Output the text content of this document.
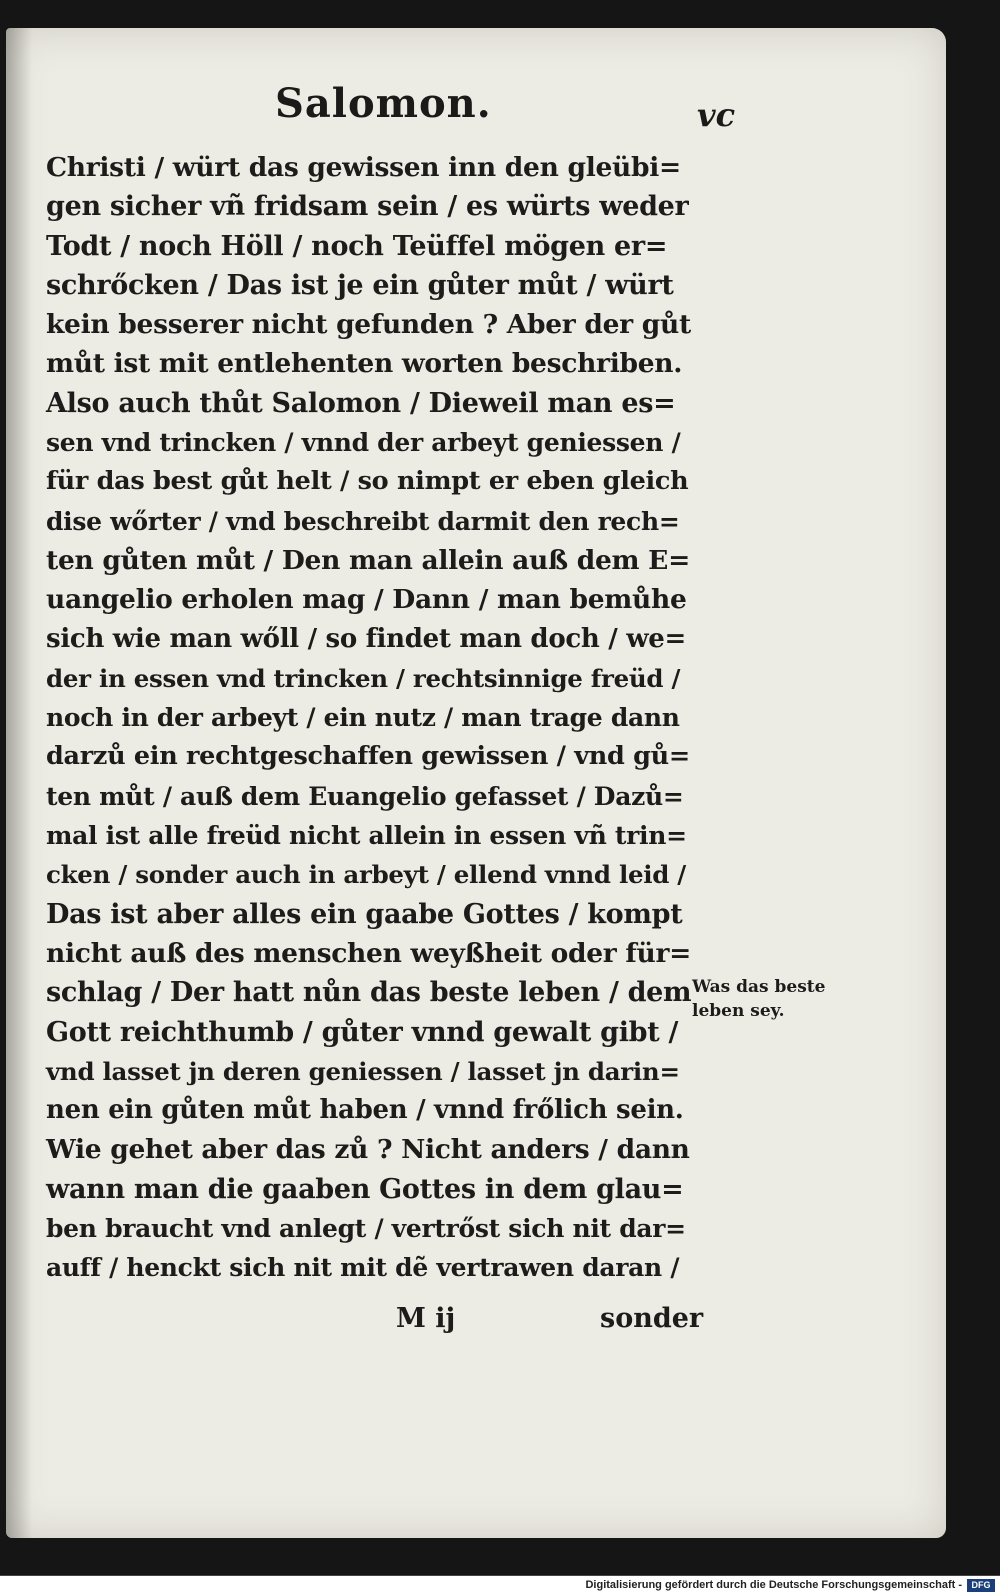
Salomon.	vc
Christi / würt das gewissen inn den gleübi=
gen sicher vñ fridsam sein / es würts weder
Todt / noch Höll / noch Teüffel mögen er=
schrőcken / Das ist je ein gůter můt / würt
kein besserer nicht gefunden ? Aber der gůt
můt ist mit entlehenten worten beschriben.
Also auch thůt Salomon / Dieweil man es=
sen vnd trincken / vnnd der arbeyt geniessen /
für das best gůt helt / so nimpt er eben gleich
dise wőrter / vnd beschreibt darmit den rech=
ten gůten můt / Den man allein auß dem E=
uangelio erholen mag / Dann / man bemůhe
sich wie man wőll / so findet man doch / we=
der in essen vnd trincken / rechtsinnige freüd /
noch in der arbeyt / ein nutz / man trage dann
darzů ein rechtgeschaffen gewissen / vnd gů=
ten můt / auß dem Euangelio gefasset / Dazů=
mal ist alle freüd nicht allein in essen vñ trin=
cken / sonder auch in arbeyt / ellend vnnd leid /
Das ist aber alles ein gaabe Gottes / kompt
nicht auß des menschen weyßheit oder für=
schlag / Der hatt nůn das beste leben / dem
Gott reichthumb / gůter vnnd gewalt gibt /
vnd lasset jn deren geniessen / lasset jn darin=
nen ein gůten můt haben / vnnd frőlich sein.
Wie gehet aber das zů ? Nicht anders / dann
wann man die gaaben Gottes in dem glau=
ben braucht vnd anlegt / vertrőst sich nit dar=
auff / henckt sich nit mit dẽ vertrawen daran /
Was das beste leben sey.
M ij	sonder
Digitalisierung gefördert durch die Deutsche Forschungsgemeinschaft -	DFG
